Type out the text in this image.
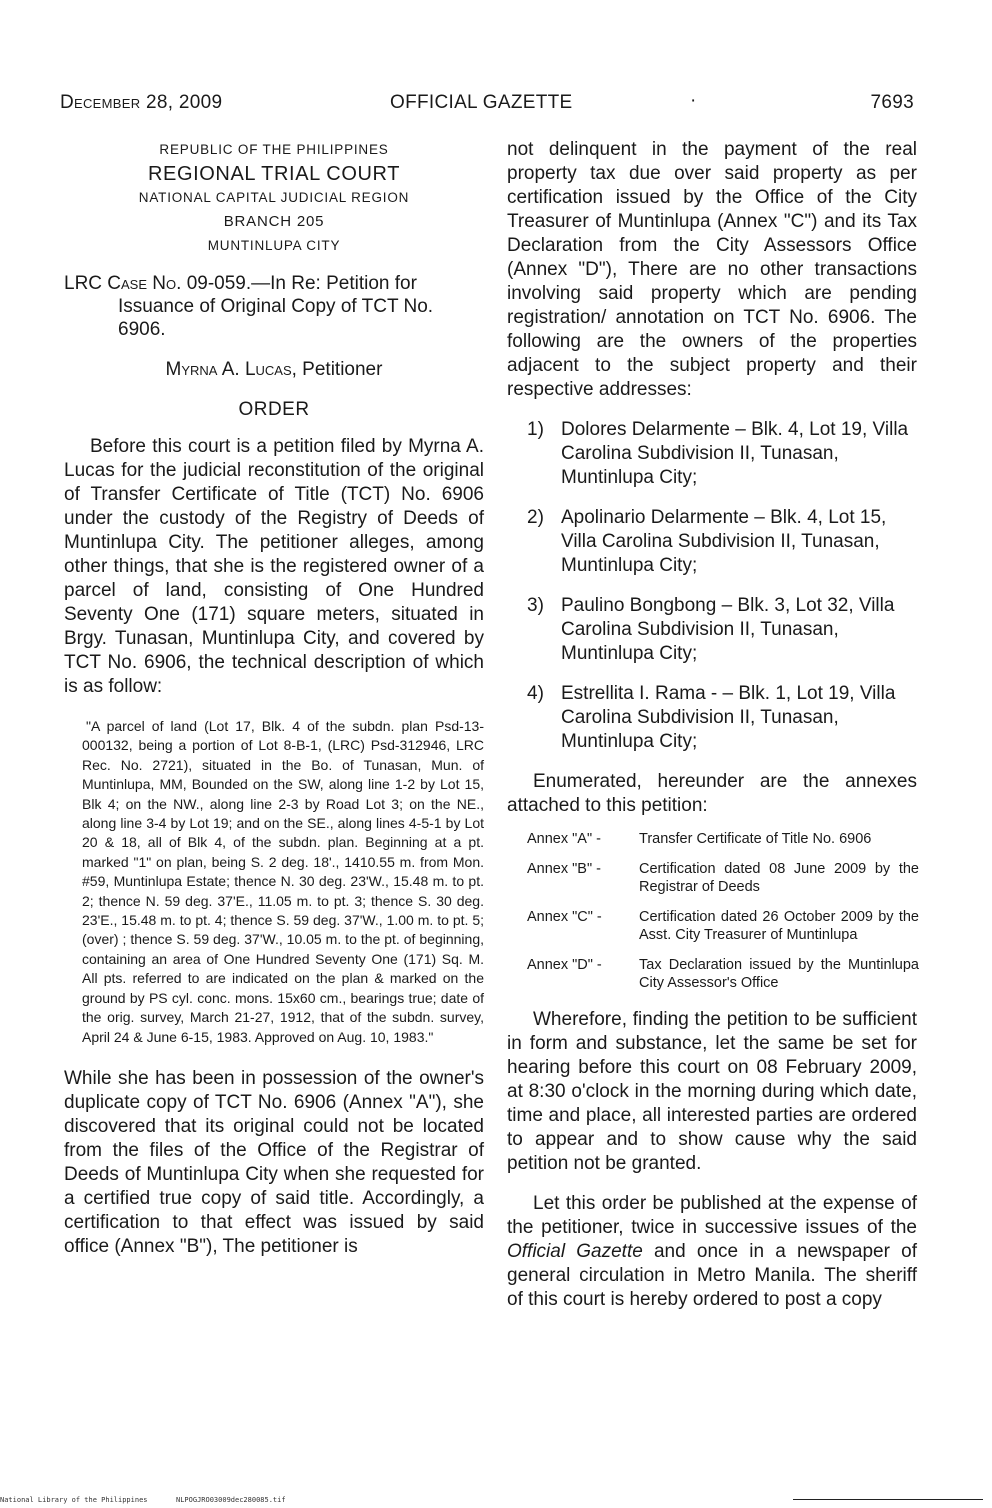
December 28, 2009	OFFICIAL GAZETTE	·	7693
REPUBLIC OF THE PHILIPPINES
REGIONAL TRIAL COURT
NATIONAL CAPITAL JUDICIAL REGION
BRANCH 205
MUNTINLUPA CITY
LRC Case No. 09-059.—In Re: Petition for Issuance of Original Copy of TCT No. 6906.
Myrna A. Lucas, Petitioner
ORDER

Before this court is a petition filed by Myrna A. Lucas for the judicial reconstitution of the original of Transfer Certificate of Title (TCT) No. 6906 under the custody of the Registry of Deeds of Muntinlupa City. The petitioner alleges, among other things, that she is the registered owner of a parcel of land, consisting of One Hundred Seventy One (171) square meters, situated in Brgy. Tunasan, Muntinlupa City, and covered by TCT No. 6906, the technical description of which is as follow:

"A parcel of land (Lot 17, Blk. 4 of the subdn. plan Psd-13-000132, being a portion of Lot 8-B-1, (LRC) Psd-312946, LRC Rec. No. 2721), situated in the Bo. of Tunasan, Mun. of Muntinlupa, MM, Bounded on the SW, along line 1-2 by Lot 15, Blk 4; on the NW., along line 2-3 by Road Lot 3; on the NE., along line 3-4 by Lot 19; and on the SE., along lines 4-5-1 by Lot 20 & 18, all of Blk 4, of the subdn. plan. Beginning at a pt. marked "1" on plan, being S. 2 deg. 18'., 1410.55 m. from Mon. #59, Muntinlupa Estate; thence N. 30 deg. 23'W., 15.48 m. to pt. 2; thence N. 59 deg. 37'E., 11.05 m. to pt. 3; thence S. 30 deg. 23'E., 15.48 m. to pt. 4; thence S. 59 deg. 37'W., 1.00 m. to pt. 5; (over) ; thence S. 59 deg. 37'W., 10.05 m. to the pt. of beginning, containing an area of One Hundred Seventy One (171) Sq. M. All pts. referred to are indicated on the plan & marked on the ground by PS cyl. conc. mons. 15x60 cm., bearings true; date of the orig. survey, March 21-27, 1912, that of the subdn. survey, April 24 & June 6-15, 1983. Approved on Aug. 10, 1983."

While she has been in possession of the owner's duplicate copy of TCT No. 6906 (Annex "A"), she discovered that its original could not be located from the files of the Office of the Registrar of Deeds of Muntinlupa City when she requested for a certified true copy of said title. Accordingly, a certification to that effect was issued by said office (Annex "B"), The petitioner is

not delinquent in the payment of the real property tax due over said property as per certification issued by the Office of the City Treasurer of Muntinlupa (Annex "C") and its Tax Declaration from the City Assessors Office (Annex "D"), There are no other transactions involving said property which are pending registration/ annotation on TCT No. 6906. The following are the owners of the properties adjacent to the subject property and their respective addresses:

1) Dolores Delarmente – Blk. 4, Lot 19, Villa Carolina Subdivision II, Tunasan, Muntinlupa City;
2) Apolinario Delarmente – Blk. 4, Lot 15, Villa Carolina Subdivision II, Tunasan, Muntinlupa City;
3) Paulino Bongbong – Blk. 3, Lot 32, Villa Carolina Subdivision II, Tunasan, Muntinlupa City;
4) Estrellita I. Rama - – Blk. 1, Lot 19, Villa Carolina Subdivision II, Tunasan, Muntinlupa City;

Enumerated, hereunder are the annexes attached to this petition:

Annex "A" -	Transfer Certificate of Title No. 6906
Annex "B" -	Certification dated 08 June 2009 by the Registrar of Deeds
Annex "C" -	Certification dated 26 October 2009 by the Asst. City Treasurer of Muntinlupa
Annex "D" -	Tax Declaration issued by the Muntinlupa City Assessor's Office

Wherefore, finding the petition to be sufficient in form and substance, let the same be set for hearing before this court on 08 February 2009, at 8:30 o'clock in the morning during which date, time and place, all interested parties are ordered to appear and to show cause why the said petition not be granted.

Let this order be published at the expense of the petitioner, twice in successive issues of the Official Gazette and once in a newspaper of general circulation in Metro Manila. The sheriff of this court is hereby ordered to post a copy

National Library of the Philippines	NLPOGJRO03009dec280085.tif
